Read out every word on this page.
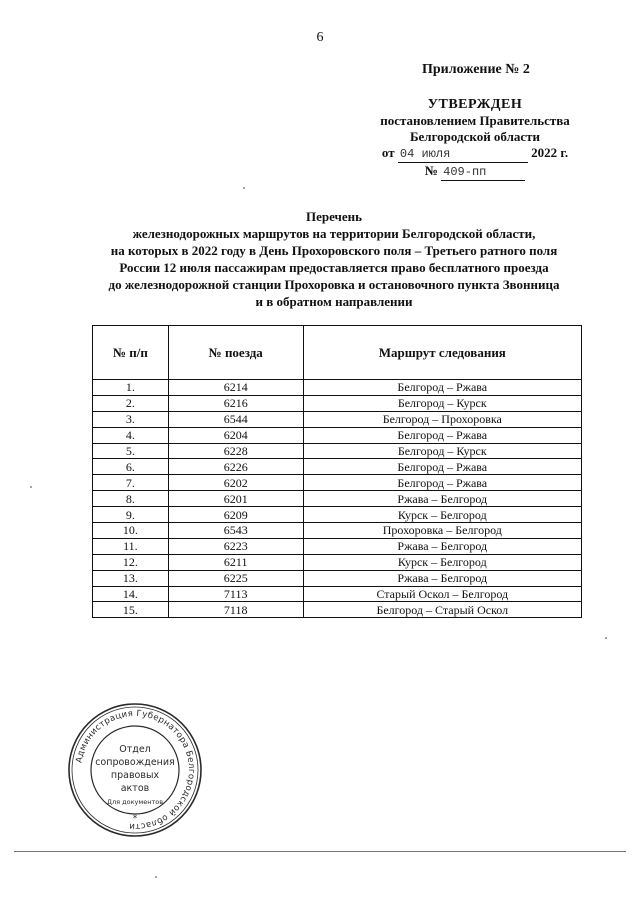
6
Приложение № 2
УТВЕРЖДЕН
постановлением Правительства
Белгородской области
от 04 июля	2022 г.
№ 409-пп
Перечень
железнодорожных маршрутов на территории Белгородской области,
на которых в 2022 году в День Прохоровского поля – Третьего ратного поля
России 12 июля пассажирам предоставляется право бесплатного проезда
до железнодорожной станции Прохоровка и остановочного пункта Звонница
и в обратном направлении
№ п/п	№ поезда	Маршрут следования
1.	6214	Белгород – Ржава
2.	6216	Белгород – Курск
3.	6544	Белгород – Прохоровка
4.	6204	Белгород – Ржава
5.	6228	Белгород – Курск
6.	6226	Белгород – Ржава
7.	6202	Белгород – Ржава
8.	6201	Ржава – Белгород
9.	6209	Курск – Белгород
10.	6543	Прохоровка – Белгород
11.	6223	Ржава – Белгород
12.	6211	Курск – Белгород
13.	6225	Ржава – Белгород
14.	7113	Старый Оскол – Белгород
15.	7118	Белгород – Старый Оскол
Администрация Губернатора Белгородской области
Отдел
сопровождения
правовых
актов
Для документов
*
